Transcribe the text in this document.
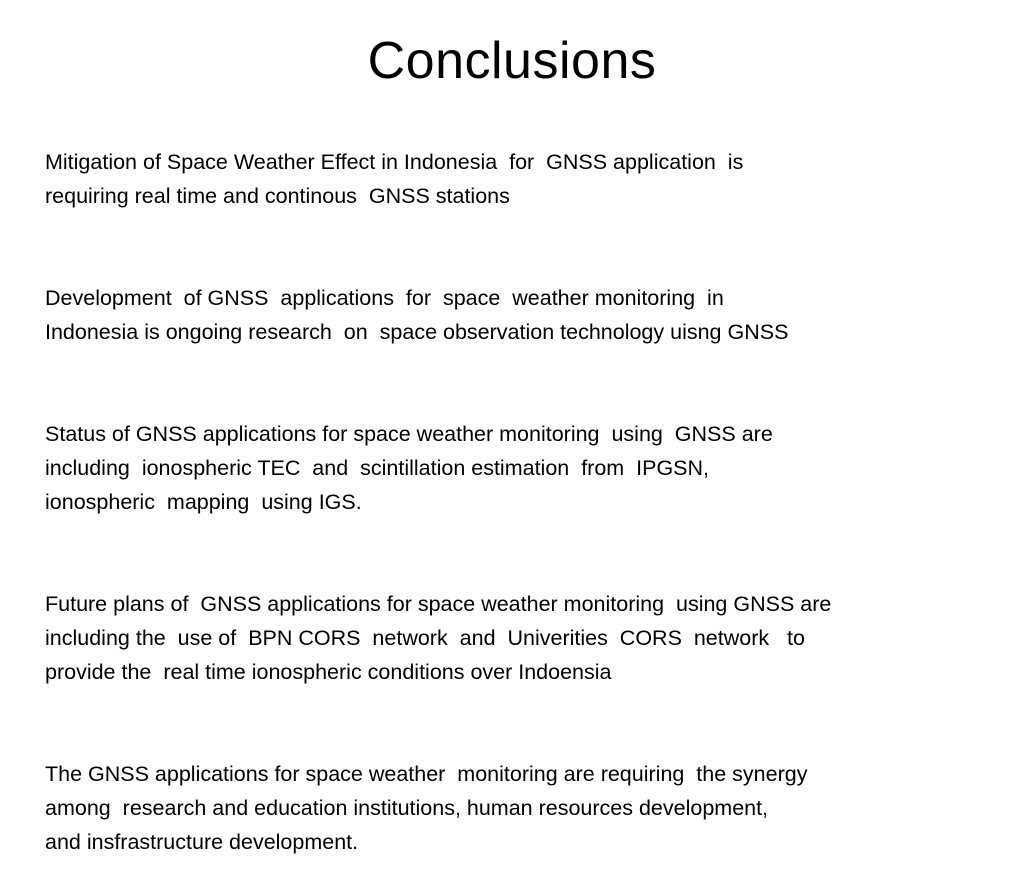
Conclusions

Mitigation of Space Weather Effect in Indonesia  for  GNSS application  is
requiring real time and continous  GNSS stations

Development  of GNSS  applications  for  space  weather monitoring  in
Indonesia is ongoing research  on  space observation technology uisng GNSS

Status of GNSS applications for space weather monitoring  using  GNSS are
including  ionospheric TEC  and  scintillation estimation  from  IPGSN,
ionospheric  mapping  using IGS.

Future plans of  GNSS applications for space weather monitoring  using GNSS are
including the  use of  BPN CORS  network  and  Univerities  CORS  network   to
provide the  real time ionospheric conditions over Indoensia

The GNSS applications for space weather  monitoring are requiring  the synergy
among  research and education institutions, human resources development,
and insfrastructure development.
